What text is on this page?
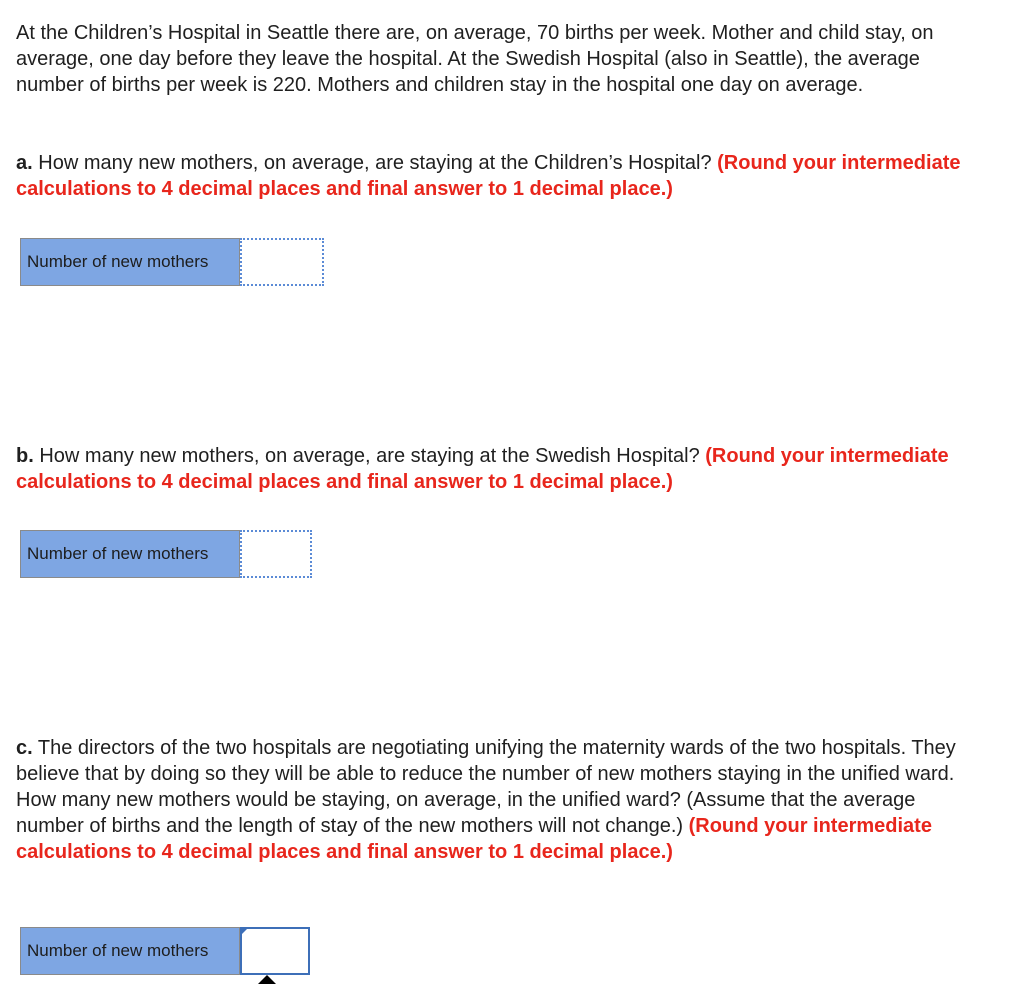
At the Children’s Hospital in Seattle there are, on average, 70 births per week. Mother and child stay, on average, one day before they leave the hospital. At the Swedish Hospital (also in Seattle), the average number of births per week is 220. Mothers and children stay in the hospital one day on average.

a. How many new mothers, on average, are staying at the Children’s Hospital? (Round your intermediate calculations to 4 decimal places and final answer to 1 decimal place.)

Number of new mothers

b. How many new mothers, on average, are staying at the Swedish Hospital? (Round your intermediate calculations to 4 decimal places and final answer to 1 decimal place.)

Number of new mothers

c. The directors of the two hospitals are negotiating unifying the maternity wards of the two hospitals. They believe that by doing so they will be able to reduce the number of new mothers staying in the unified ward. How many new mothers would be staying, on average, in the unified ward? (Assume that the average number of births and the length of stay of the new mothers will not change.) (Round your intermediate calculations to 4 decimal places and final answer to 1 decimal place.)

Number of new mothers
